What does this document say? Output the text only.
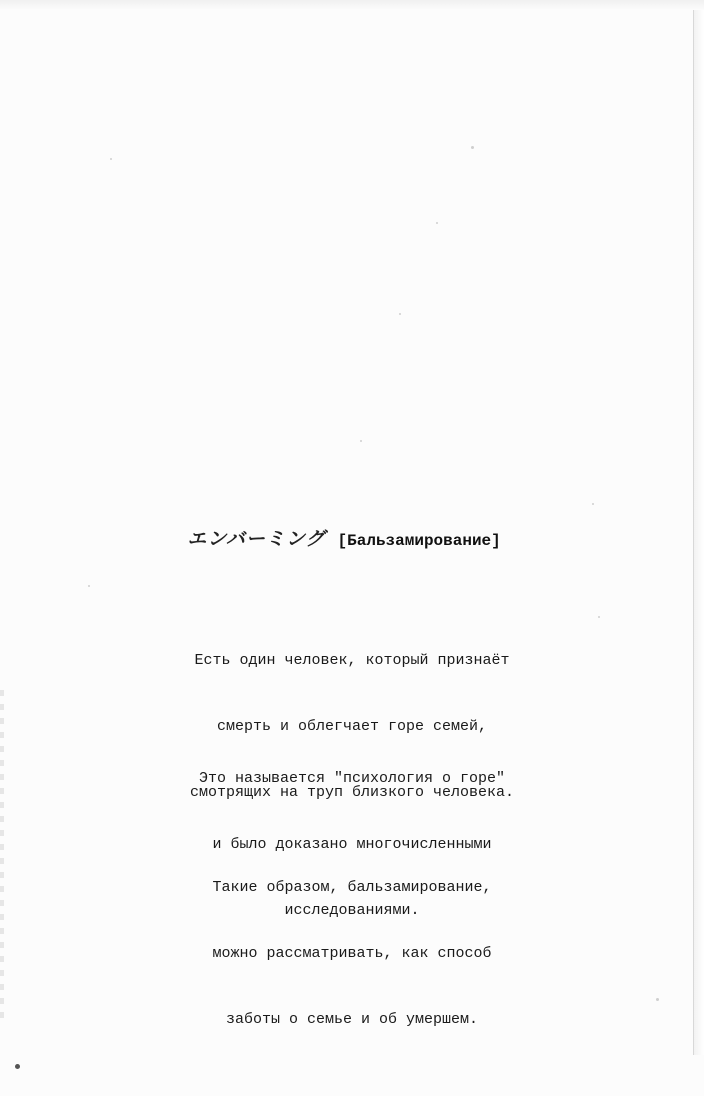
エンバーミング [Бальзамирование]

Есть один человек, который признаёт

смерть и облегчает горе семей,

смотрящих на труп близкого человека.

Это называется "психология о горе"

и было доказано многочисленными

исследованиями.

Такие образом, бальзамирование,

можно рассматривать, как способ

заботы о семье и об умершем.
